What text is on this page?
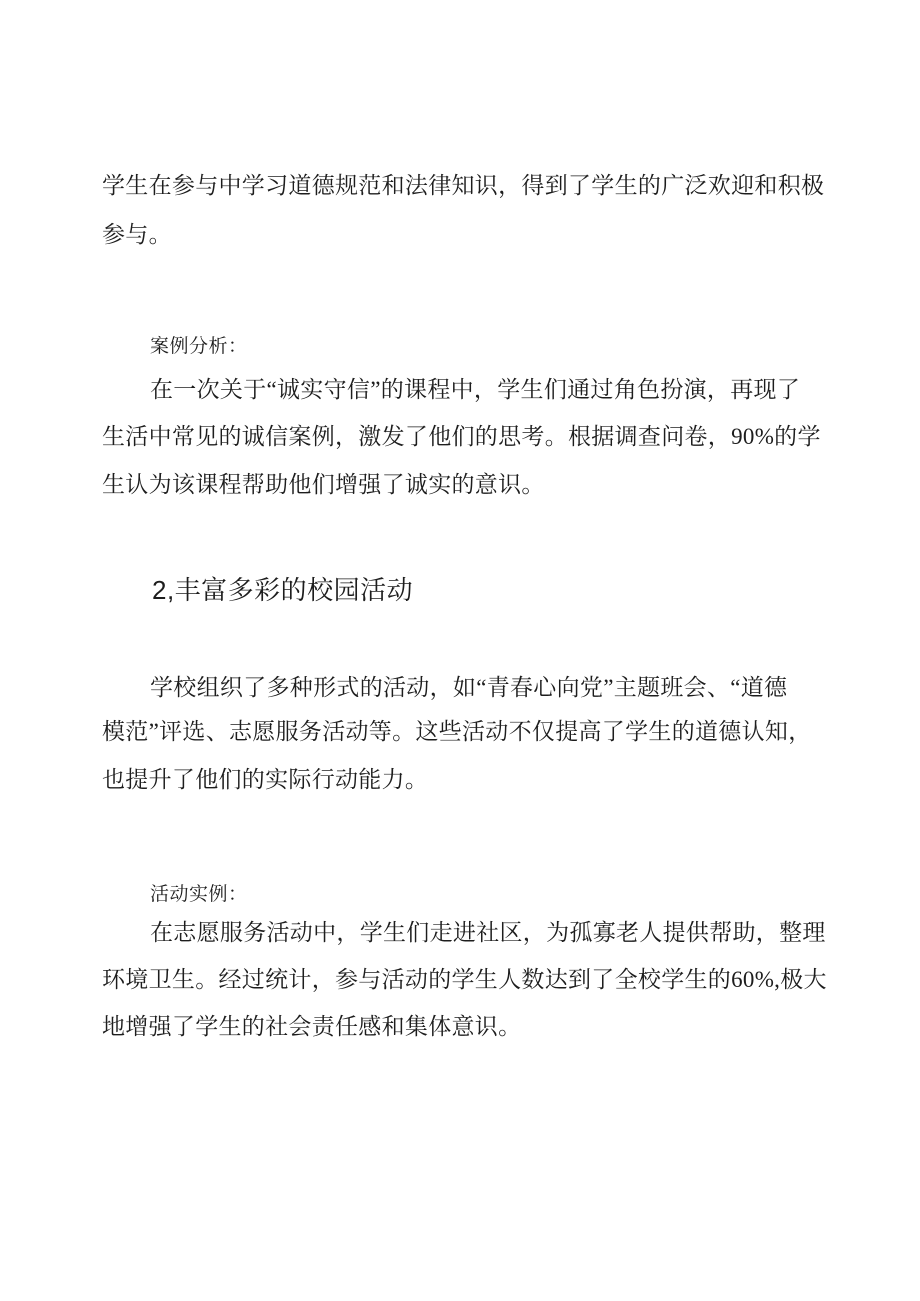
学生在参与中学习道德规范和法律知识，得到了学生的广泛欢迎和积极
参与。
案例分析：
在一次关于“诚实守信”的课程中，学生们通过角色扮演，再现了
生活中常见的诚信案例，激发了他们的思考。根据调查问卷，90%的学
生认为该课程帮助他们增强了诚实的意识。
2,丰富多彩的校园活动
学校组织了多种形式的活动，如“青春心向党”主题班会、“道德
模范”评选、志愿服务活动等。这些活动不仅提高了学生的道德认知，
也提升了他们的实际行动能力。
活动实例：
在志愿服务活动中，学生们走进社区，为孤寡老人提供帮助，整理
环境卫生。经过统计，参与活动的学生人数达到了全校学生的60%,极大
地增强了学生的社会责任感和集体意识。
